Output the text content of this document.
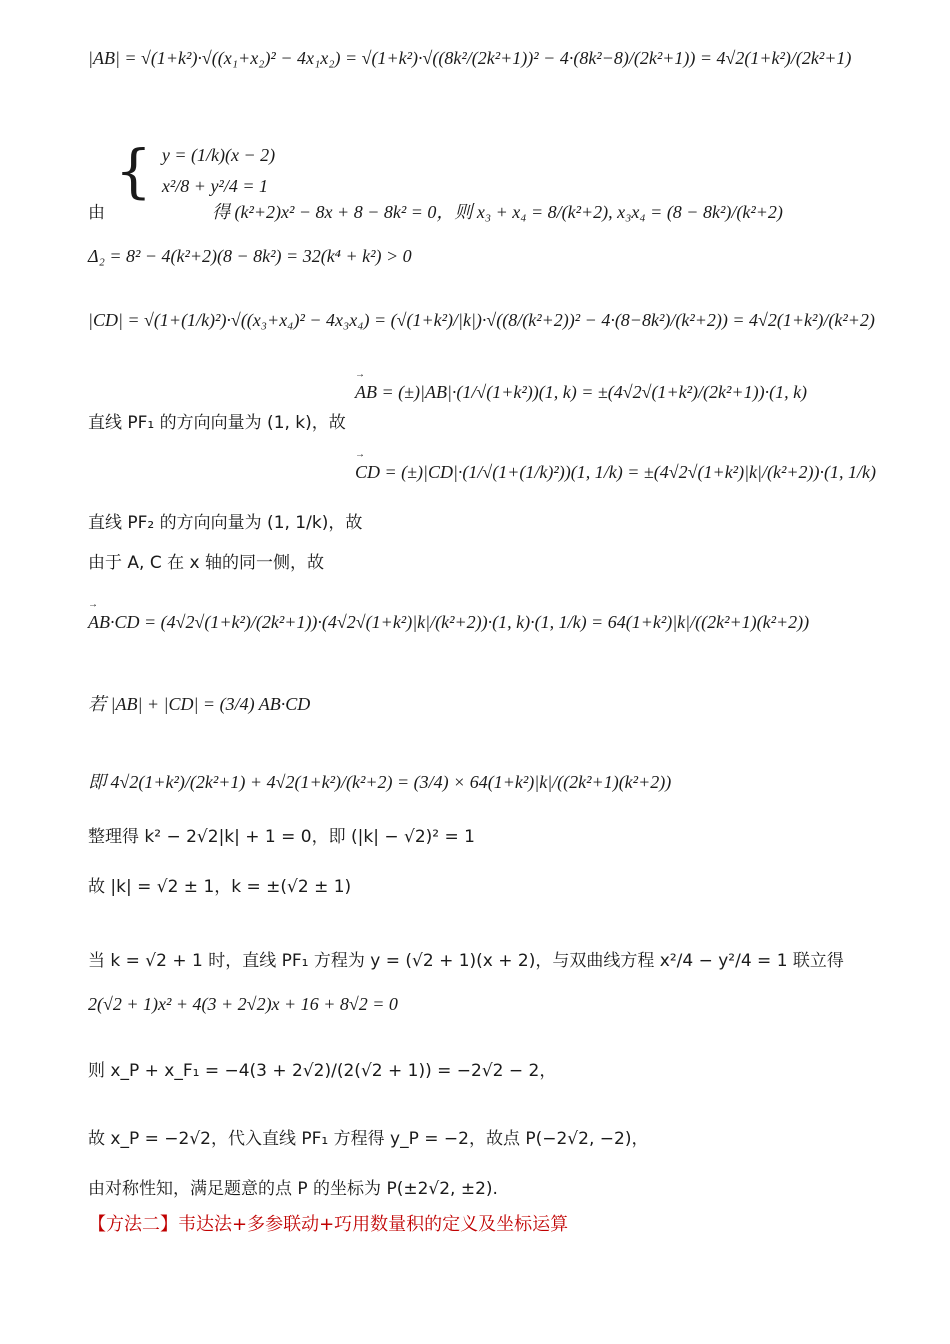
|AB| = √(1+k²)·√((x₁+x₂)² − 4x₁x₂) = √(1+k²)·√((8k²/(2k²+1))² − 4·(8k²−8)/(2k²+1)) = 4√2(1+k²)/(2k²+1)
由
{ y = (1/k)(x − 2)
x²/8 + y²/4 = 1
得 (k²+2)x² − 8x + 8 − 8k² = 0，则 x₃ + x₄ = 8/(k²+2), x₃x₄ = (8 − 8k²)/(k²+2)
Δ₂ = 8² − 4(k²+2)(8 − 8k²) = 32(k⁴ + k²) > 0
|CD| = √(1+(1/k)²)·√((x₃+x₄)² − 4x₃x₄) = (√(1+k²)/|k|)·√((8/(k²+2))² − 4·(8−8k²)/(k²+2)) = 4√2(1+k²)/(k²+2)
直线 PF₁ 的方向向量为 (1, k)，故
→ AB = (±)|AB|·(1/√(1+k²))(1, k) = ±(4√2√(1+k²)/(2k²+1))·(1, k)
直线 PF₂ 的方向向量为 (1, 1/k)，故
→ CD = (±)|CD|·(1/√(1+(1/k)²))(1, 1/k) = ±(4√2√(1+k²)|k|/(k²+2))·(1, 1/k)
由于 A, C 在 x 轴的同一侧，故
→ AB·CD = (4√2√(1+k²)/(2k²+1))·(4√2√(1+k²)|k|/(k²+2))·(1, k)·(1, 1/k) = 64(1+k²)|k|/((2k²+1)(k²+2))
若 |AB| + |CD| = (3/4) AB·CD
即 4√2(1+k²)/(2k²+1) + 4√2(1+k²)/(k²+2) = (3/4) × 64(1+k²)|k|/((2k²+1)(k²+2))
整理得 k² − 2√2|k| + 1 = 0，即 (|k| − √2)² = 1
故 |k| = √2 ± 1，k = ±(√2 ± 1)
当 k = √2 + 1 时，直线 PF₁ 方程为 y = (√2 + 1)(x + 2)，与双曲线方程 x²/4 − y²/4 = 1 联立得
2(√2 + 1)x² + 4(3 + 2√2)x + 16 + 8√2 = 0
则 x_P + x_F₁ = −4(3 + 2√2)/(2(√2 + 1)) = −2√2 − 2，
故 x_P = −2√2，代入直线 PF₁ 方程得 y_P = −2，故点 P(−2√2, −2)，
由对称性知，满足题意的点 P 的坐标为 P(±2√2, ±2).
【方法二】韦达法+多参联动+巧用数量积的定义及坐标运算
